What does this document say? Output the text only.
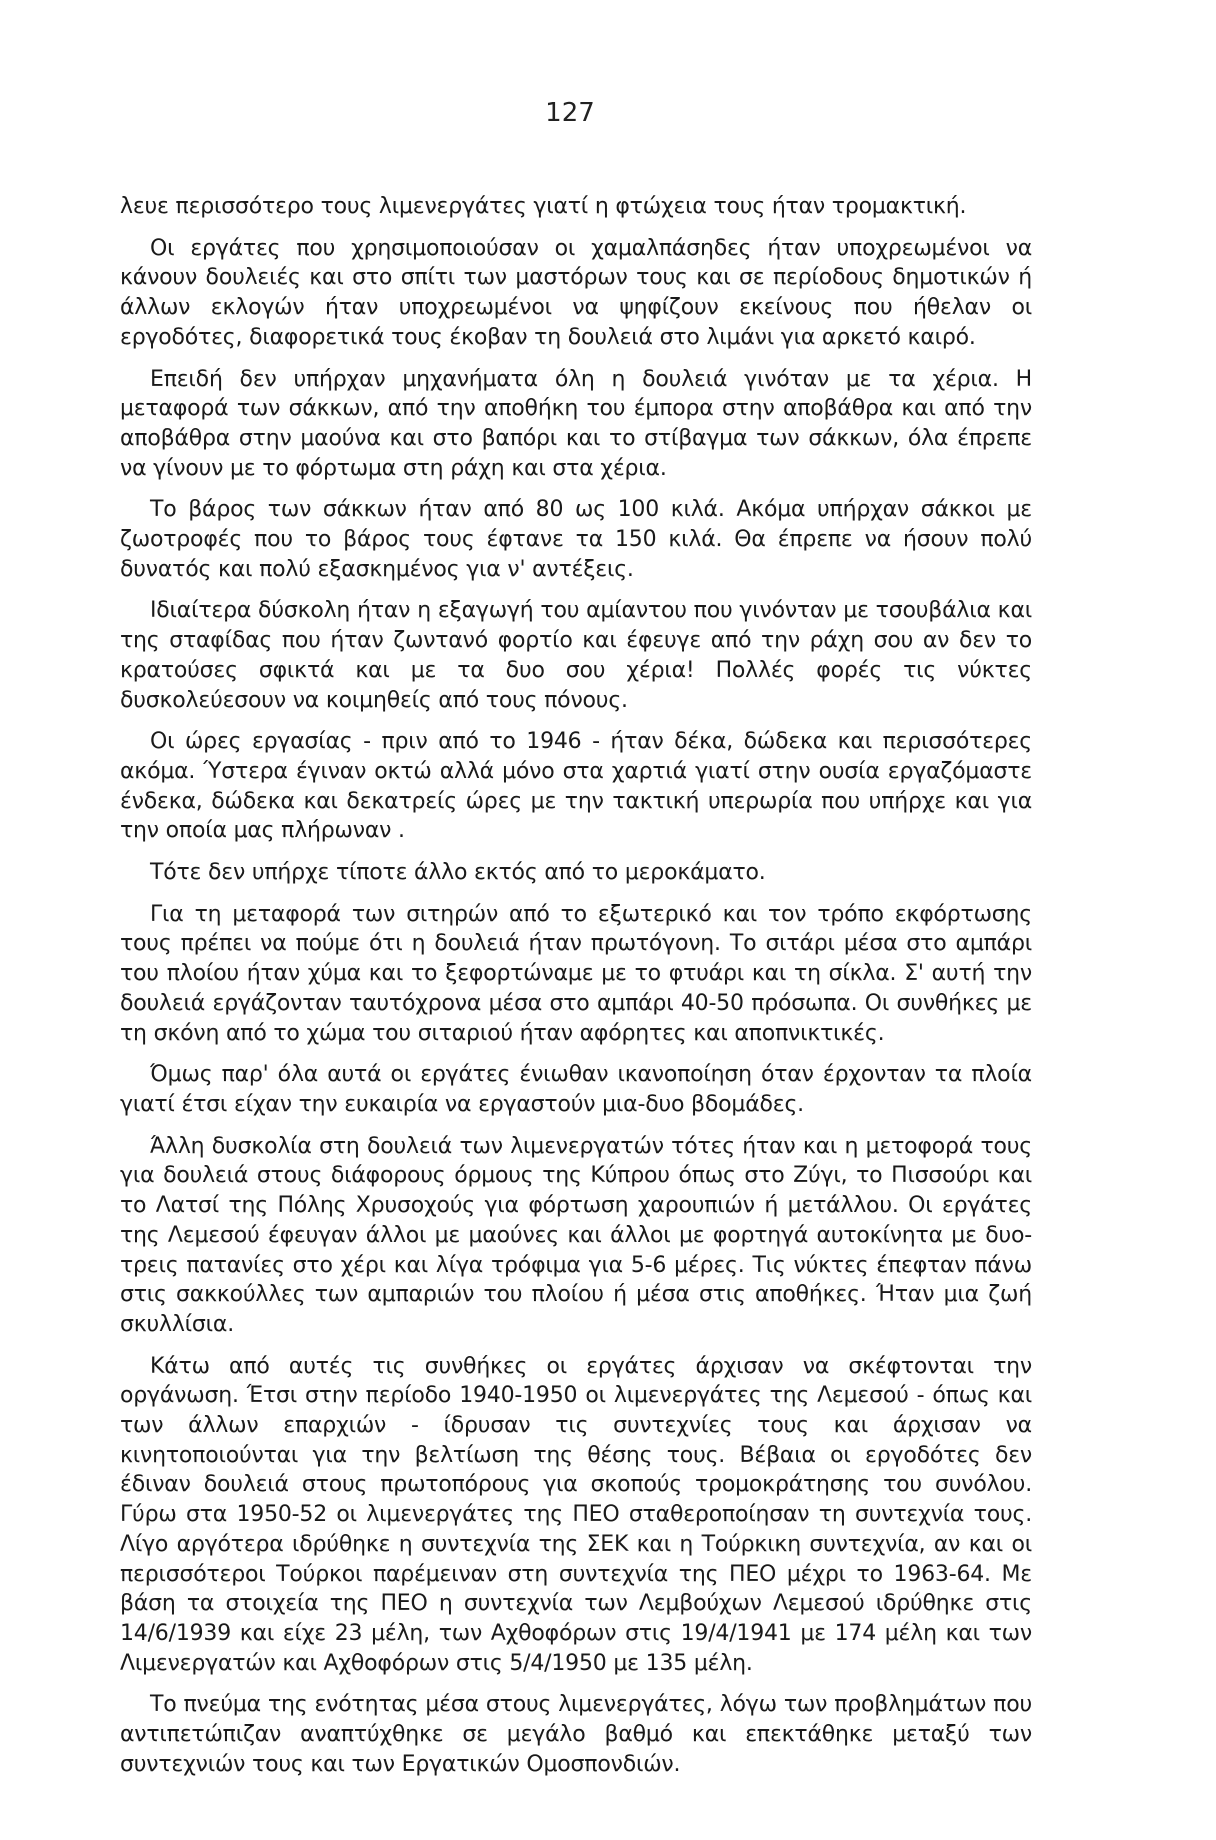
127

λευε περισσότερο τους λιμενεργάτες γιατί η φτώχεια τους ήταν τρομακτική.

Οι εργάτες που χρησιμοποιούσαν οι χαμαλπάσηδες ήταν υποχρεωμένοι να κάνουν δουλειές και στο σπίτι των μαστόρων τους και σε περίοδους δημοτικών ή άλλων εκλογών ήταν υποχρεωμένοι να ψηφίζουν εκείνους που ήθελαν οι εργοδότες, διαφορετικά τους έκοβαν τη δουλειά στο λιμάνι για αρκετό καιρό.

Επειδή δεν υπήρχαν μηχανήματα όλη η δουλειά γινόταν με τα χέρια. Η μεταφορά των σάκκων, από την αποθήκη του έμπορα στην αποβάθρα και από την αποβάθρα στην μαούνα και στο βαπόρι και το στίβαγμα των σάκκων, όλα έπρεπε να γίνουν με το φόρτωμα στη ράχη και στα χέρια.

Το βάρος των σάκκων ήταν από 80 ως 100 κιλά. Ακόμα υπήρχαν σάκκοι με ζωοτροφές που το βάρος τους έφτανε τα 150 κιλά. Θα έπρεπε να ήσουν πολύ δυνατός και πολύ εξασκημένος για ν' αντέξεις.

Ιδιαίτερα δύσκολη ήταν η εξαγωγή του αμίαντου που γινόνταν με τσουβάλια και της σταφίδας που ήταν ζωντανό φορτίο και έφευγε από την ράχη σου αν δεν το κρατούσες σφικτά και με τα δυο σου χέρια! Πολλές φορές τις νύκτες δυσκολεύεσουν να κοιμηθείς από τους πόνους.

Οι ώρες εργασίας - πριν από το 1946 - ήταν δέκα, δώδεκα και περισσότερες ακόμα. Ύστερα έγιναν οκτώ αλλά μόνο στα χαρτιά γιατί στην ουσία εργαζόμαστε ένδεκα, δώδεκα και δεκατρείς ώρες με την τακτική υπερωρία που υπήρχε και για την οποία μας πλήρωναν .

Τότε δεν υπήρχε τίποτε άλλο εκτός από το μεροκάματο.

Για τη μεταφορά των σιτηρών από το εξωτερικό και τον τρόπο εκφόρτωσης τους πρέπει να πούμε ότι η δουλειά ήταν πρωτόγονη. Το σιτάρι μέσα στο αμπάρι του πλοίου ήταν χύμα και το ξεφορτώναμε με το φτυάρι και τη σίκλα. Σ' αυτή την δουλειά εργάζονταν ταυτόχρονα μέσα στο αμπάρι 40-50 πρόσωπα. Οι συνθήκες με τη σκόνη από το χώμα του σιταριού ήταν αφόρητες και αποπνικτικές.

Όμως παρ' όλα αυτά οι εργάτες ένιωθαν ικανοποίηση όταν έρχονταν τα πλοία γιατί έτσι είχαν την ευκαιρία να εργαστούν μια-δυο βδομάδες.

Άλλη δυσκολία στη δουλειά των λιμενεργατών τότες ήταν και η μετοφορά τους για δουλειά στους διάφορους όρμους της Κύπρου όπως στο Ζύγι, το Πισσούρι και το Λατσί της Πόλης Χρυσοχούς για φόρτωση χαρουπιών ή μετάλλου. Οι εργάτες της Λεμεσού έφευγαν άλλοι με μαούνες και άλλοι με φορτηγά αυτοκίνητα με δυο-τρεις πατανίες στο χέρι και λίγα τρόφιμα για 5-6 μέρες. Τις νύκτες έπεφταν πάνω στις σακκούλλες των αμπαριών του πλοίου ή μέσα στις αποθήκες. Ήταν μια ζωή σκυλλίσια.

Κάτω από αυτές τις συνθήκες οι εργάτες άρχισαν να σκέφτονται την οργάνωση. Έτσι στην περίοδο 1940-1950 οι λιμενεργάτες της Λεμεσού - όπως και των άλλων επαρχιών - ίδρυσαν τις συντεχνίες τους και άρχισαν να κινητοποιούνται για την βελτίωση της θέσης τους. Βέβαια οι εργοδότες δεν έδιναν δουλειά στους πρωτοπόρους για σκοπούς τρομοκράτησης του συνόλου. Γύρω στα 1950-52 οι λιμενεργάτες της ΠΕΟ σταθεροποίησαν τη συντεχνία τους. Λίγο αργότερα ιδρύθηκε η συντεχνία της ΣΕΚ και η Τούρκικη συντεχνία, αν και οι περισσότεροι Τούρκοι παρέμειναν στη συντεχνία της ΠΕΟ μέχρι το 1963-64. Με βάση τα στοιχεία της ΠΕΟ η συντεχνία των Λεμβούχων Λεμεσού ιδρύθηκε στις 14/6/1939 και είχε 23 μέλη, των Αχθοφόρων στις 19/4/1941 με 174 μέλη και των Λιμενεργατών και Αχθοφόρων στις 5/4/1950 με 135 μέλη.

Το πνεύμα της ενότητας μέσα στους λιμενεργάτες, λόγω των προβλημάτων που αντιπετώπιζαν αναπτύχθηκε σε μεγάλο βαθμό και επεκτάθηκε μεταξύ των συντεχνιών τους και των Εργατικών Ομοσπονδιών.
